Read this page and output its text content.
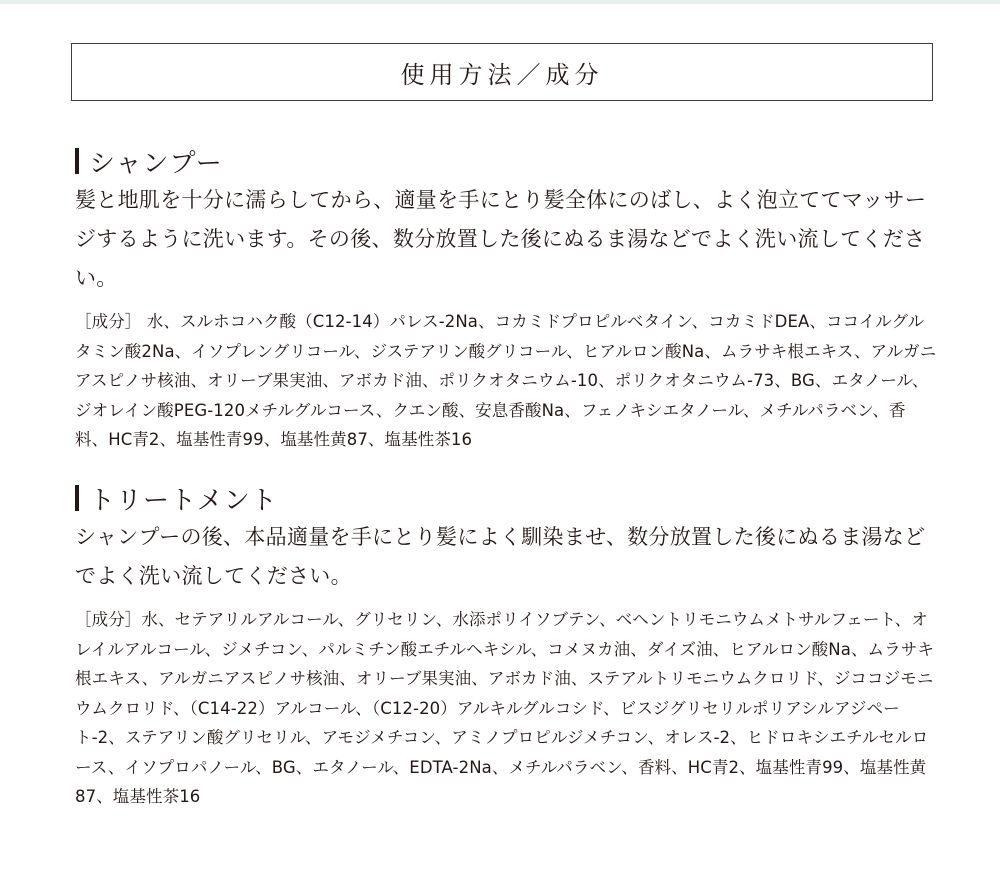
使用方法／成分
シャンプー
髪と地肌を十分に濡らしてから、適量を手にとり髪全体にのばし、よく泡立ててマッサージするように洗います。その後、数分放置した後にぬるま湯などでよく洗い流してください。
［成分］ 水、スルホコハク酸（C12-14）パレス-2Na、コカミドプロピルベタイン、コカミドDEA、ココイルグルタミン酸2Na、イソプレングリコール、ジステアリン酸グリコール、ヒアルロン酸Na、ムラサキ根エキス、アルガニアスピノサ核油、オリーブ果実油、アボカド油、ポリクオタニウム-10、ポリクオタニウム-73、BG、エタノール、ジオレイン酸PEG-120メチルグルコース、クエン酸、安息香酸Na、フェノキシエタノール、メチルパラベン、香料、HC青2、塩基性青99、塩基性黄87、塩基性茶16
トリートメント
シャンプーの後、本品適量を手にとり髪によく馴染ませ、数分放置した後にぬるま湯などでよく洗い流してください。
［成分］水、セテアリルアルコール、グリセリン、水添ポリイソブテン、ベヘントリモニウムメトサルフェート、オレイルアルコール、ジメチコン、パルミチン酸エチルヘキシル、コメヌカ油、ダイズ油、ヒアルロン酸Na、ムラサキ根エキス、アルガニアスピノサ核油、オリーブ果実油、アボカド油、ステアルトリモニウムクロリド、ジココジモニウムクロリド、（C14-22）アルコール、（C12-20）アルキルグルコシド、ビスジグリセリルポリアシルアジペート-2、ステアリン酸グリセリル、アモジメチコン、アミノプロピルジメチコン、オレス-2、ヒドロキシエチルセルロース、イソプロパノール、BG、エタノール、EDTA-2Na、メチルパラベン、香料、HC青2、塩基性青99、塩基性黄87、塩基性茶16
